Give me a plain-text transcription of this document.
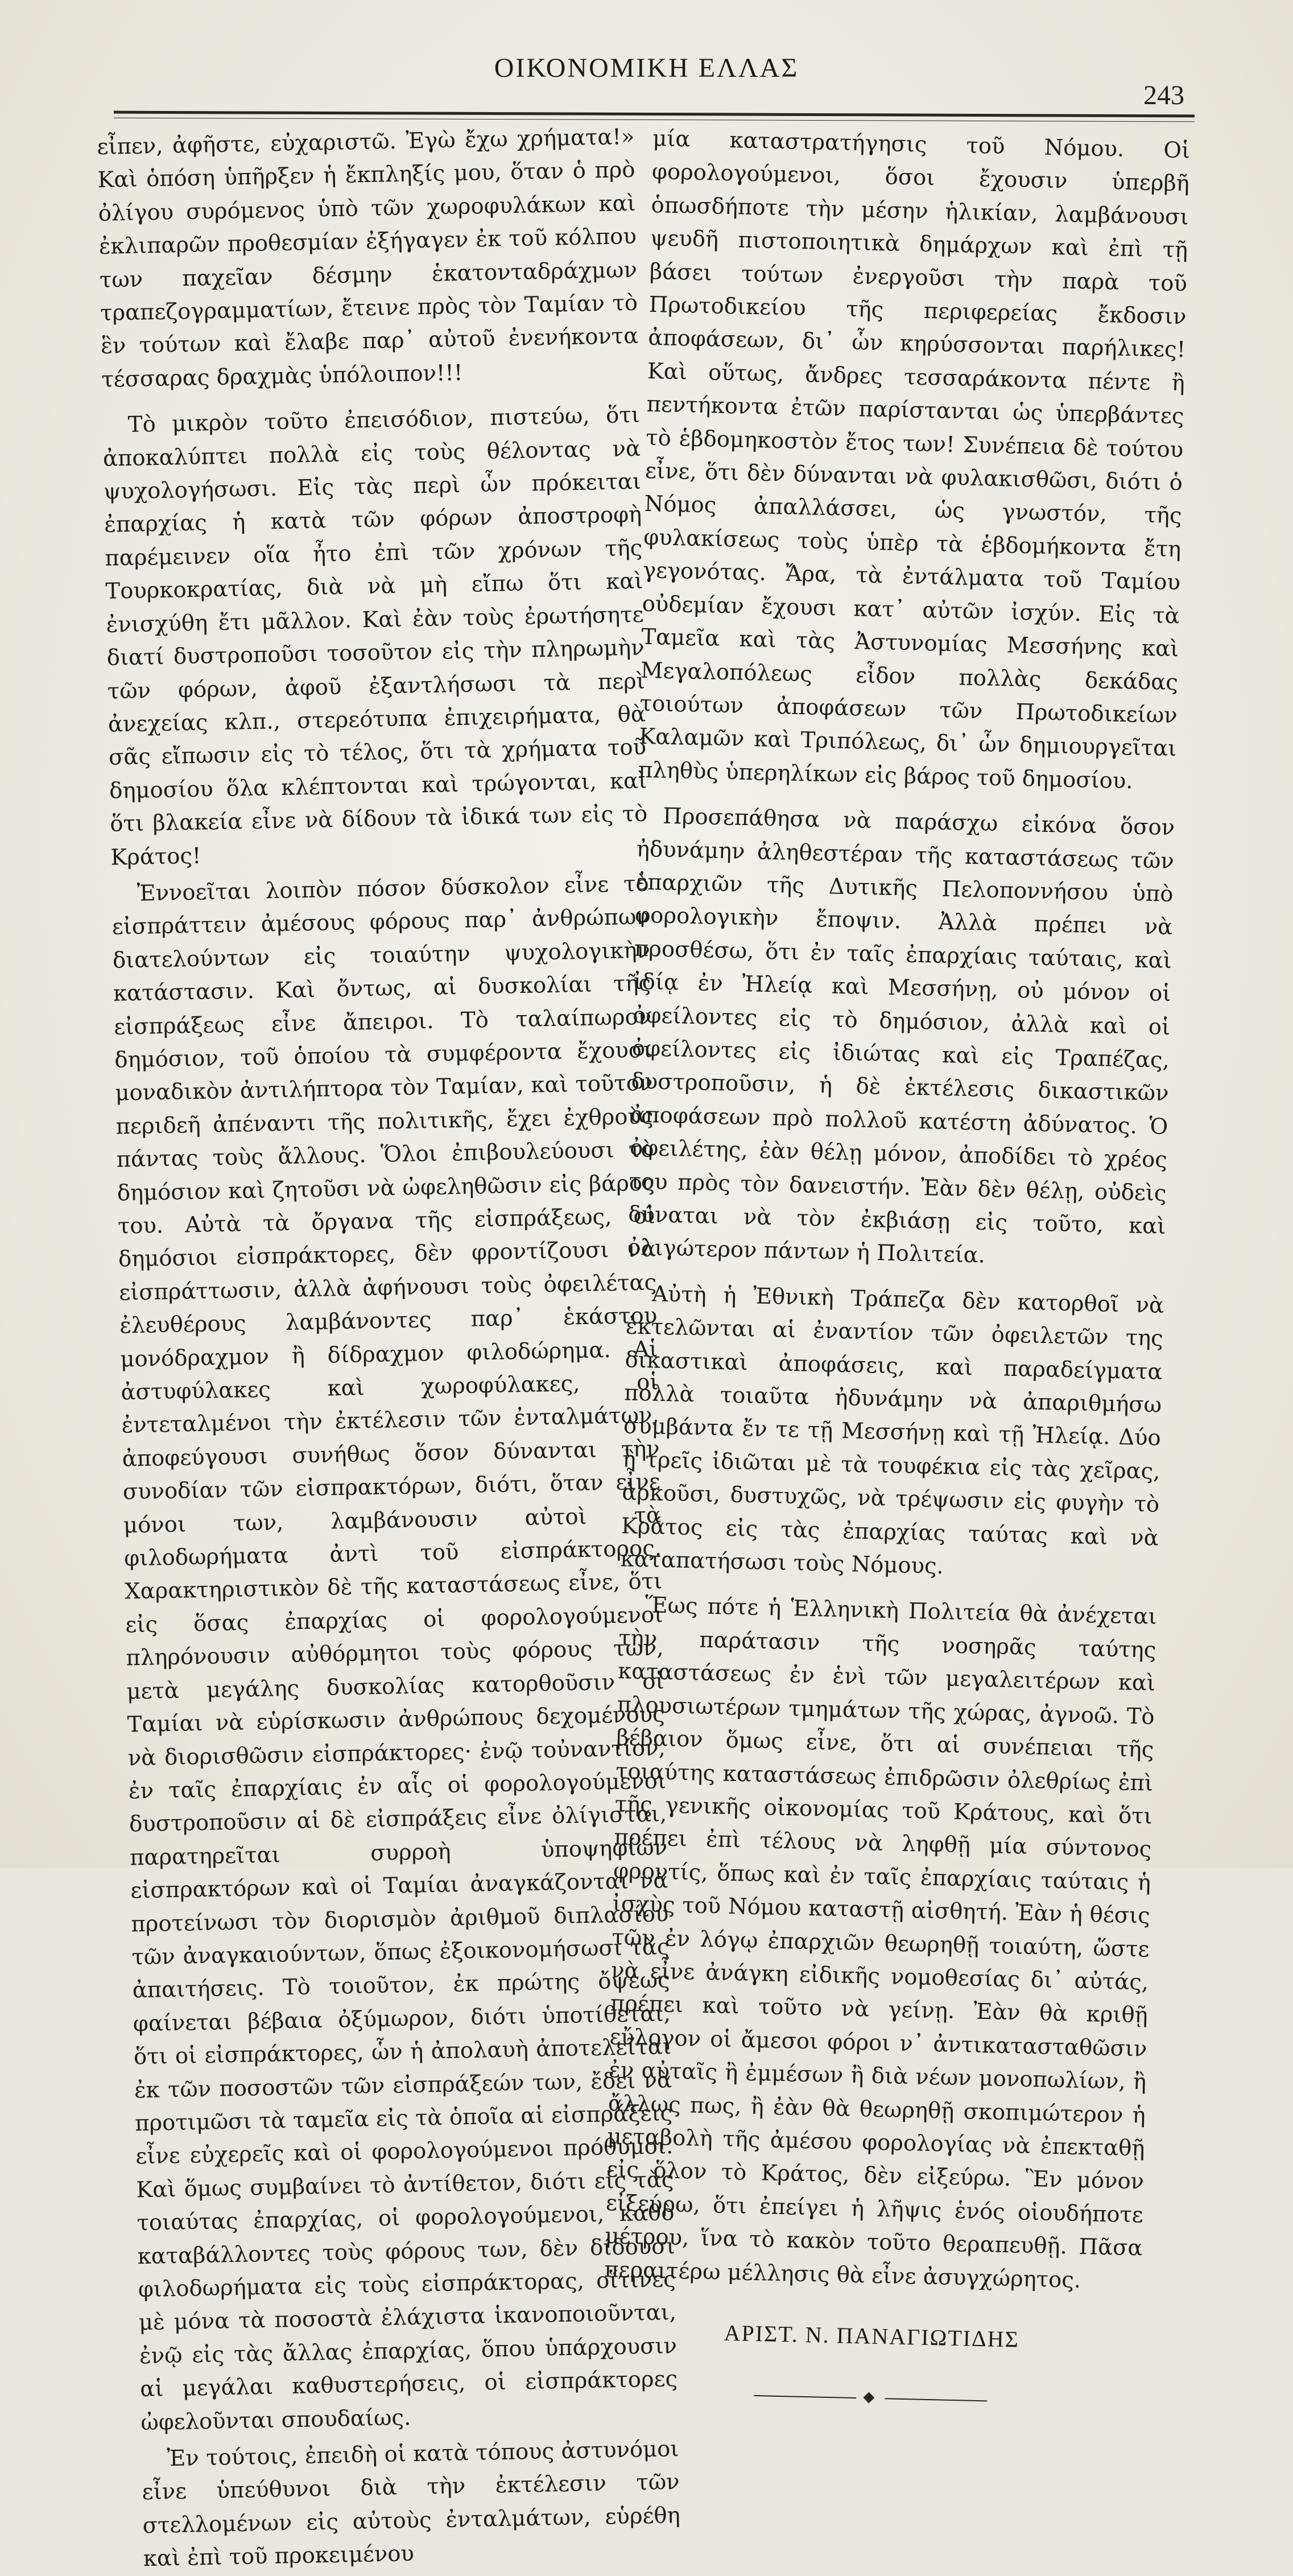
ΟΙΚΟΝΟΜΙΚΗ ΕΛΛΑΣ
243

εἶπεν, ἀφῆστε, εὐχαριστῶ. Ἐγὼ ἔχω χρήματα!» Καὶ ὁπόση ὑπῆρξεν ἡ ἔκπληξίς μου, ὅταν ὁ πρὸ ὀλίγου συρόμενος ὑπὸ τῶν χωροφυλάκων καὶ ἐκλιπαρῶν προθεσμίαν ἐξήγαγεν ἐκ τοῦ κόλπου των παχεῖαν δέσμην ἑκατονταδράχμων τραπεζογραμματίων, ἔτεινε πρὸς τὸν Ταμίαν τὸ ἓν τούτων καὶ ἔλαβε παρ᾽ αὐτοῦ ἐνενήκοντα τέσσαρας δραχμὰς ὑπόλοιπον!!!

Τὸ μικρὸν τοῦτο ἐπεισόδιον, πιστεύω, ὅτι ἀποκαλύπτει πολλὰ εἰς τοὺς θέλοντας νὰ ψυχολογήσωσι. Εἰς τὰς περὶ ὧν πρόκειται ἐπαρχίας ἡ κατὰ τῶν φόρων ἀποστροφὴ παρέμεινεν οἵα ἦτο ἐπὶ τῶν χρόνων τῆς Τουρκοκρατίας, διὰ νὰ μὴ εἴπω ὅτι καὶ ἐνισχύθη ἔτι μᾶλλον. Καὶ ἐὰν τοὺς ἐρωτήσητε διατί δυστροποῦσι τοσοῦτον εἰς τὴν πληρωμὴν τῶν φόρων, ἀφοῦ ἐξαντλήσωσι τὰ περὶ ἀνεχείας κλπ., στερεότυπα ἐπιχειρήματα, θὰ σᾶς εἴπωσιν εἰς τὸ τέλος, ὅτι τὰ χρήματα τοῦ δημοσίου ὅλα κλέπτονται καὶ τρώγονται, καὶ ὅτι βλακεία εἶνε νὰ δίδουν τὰ ἰδικά των εἰς τὸ Κράτος!

Ἐννοεῖται λοιπὸν πόσον δύσκολον εἶνε τὸ εἰσπράττειν ἀμέσους φόρους παρ᾽ ἀνθρώπων διατελούντων εἰς τοιαύτην ψυχολογικὴν κατάστασιν. Καὶ ὄντως, αἱ δυσκολίαι τῆς εἰσπράξεως εἶνε ἄπειροι. Τὸ ταλαίπωρον δημόσιον, τοῦ ὁποίου τὰ συμφέροντα ἔχουσι μοναδικὸν ἀντιλήπτορα τὸν Ταμίαν, καὶ τοῦτον περιδεῆ ἀπέναντι τῆς πολιτικῆς, ἔχει ἐχθροὺς πάντας τοὺς ἄλλους. Ὅλοι ἐπιβουλεύουσι τὸ δημόσιον καὶ ζητοῦσι νὰ ὠφεληθῶσιν εἰς βάρος του. Αὐτὰ τὰ ὄργανα τῆς εἰσπράξεως, οἱ δημόσιοι εἰσπράκτορες, δὲν φροντίζουσι νὰ εἰσπράττωσιν, ἀλλὰ ἀφήνουσι τοὺς ὀφειλέτας ἐλευθέρους λαμβάνοντες παρ᾽ ἑκάστου μονόδραχμον ἢ δίδραχμον φιλοδώρημα. Αἱ ἀστυφύλακες καὶ χωροφύλακες, οἱ ἐντεταλμένοι τὴν ἐκτέλεσιν τῶν ἐνταλμάτων, ἀποφεύγουσι συνήθως ὅσον δύνανται τὴν συνοδίαν τῶν εἰσπρακτόρων, διότι, ὅταν εἶνε μόνοι των, λαμβάνουσιν αὐτοὶ τὰ φιλοδωρήματα ἀντὶ τοῦ εἰσπράκτορος. Χαρακτηριστικὸν δὲ τῆς καταστάσεως εἶνε, ὅτι εἰς ὅσας ἐπαρχίας οἱ φορολογούμενοι πληρόνουσιν αὐθόρμητοι τοὺς φόρους των, μετὰ μεγάλης δυσκολίας κατορθοῦσιν οἱ Ταμίαι νὰ εὑρίσκωσιν ἀνθρώπους δεχομένους νὰ διορισθῶσιν εἰσπράκτορες· ἐνῷ τοὐναντίον, ἐν ταῖς ἐπαρχίαις ἐν αἷς οἱ φορολογούμενοι δυστροποῦσιν αἱ δὲ εἰσπράξεις εἶνε ὀλίγισται, παρατηρεῖται συρροὴ ὑποψηφίων εἰσπρακτόρων καὶ οἱ Ταμίαι ἀναγκάζονται νὰ προτείνωσι τὸν διορισμὸν ἀριθμοῦ διπλασίου τῶν ἀναγκαιούντων, ὅπως ἐξοικονομήσωσι τὰς ἀπαιτήσεις. Τὸ τοιοῦτον, ἐκ πρώτης ὄψεως φαίνεται βέβαια ὀξύμωρον, διότι ὑποτίθεται, ὅτι οἱ εἰσπράκτορες, ὧν ἡ ἀπολαυὴ ἀποτελεῖται ἐκ τῶν ποσοστῶν τῶν εἰσπράξεών των, ἔδει νὰ προτιμῶσι τὰ ταμεῖα εἰς τὰ ὁποῖα αἱ εἰσπράξεις εἶνε εὐχερεῖς καὶ οἱ φορολογούμενοι πρόθυμοι. Καὶ ὅμως συμβαίνει τὸ ἀντίθετον, διότι εἰς τὰς τοιαύτας ἐπαρχίας, οἱ φορολογούμενοι, καθὸ καταβάλλοντες τοὺς φόρους των, δὲν δίδουσι φιλοδωρήματα εἰς τοὺς εἰσπράκτορας, οἵτινες μὲ μόνα τὰ ποσοστὰ ἐλάχιστα ἱκανοποιοῦνται, ἐνῷ εἰς τὰς ἄλλας ἐπαρχίας, ὅπου ὑπάρχουσιν αἱ μεγάλαι καθυστερήσεις, οἱ εἰσπράκτορες ὠφελοῦνται σπουδαίως.

Ἐν τούτοις, ἐπειδὴ οἱ κατὰ τόπους ἀστυνόμοι εἶνε ὑπεύθυνοι διὰ τὴν ἐκτέλεσιν τῶν στελλομένων εἰς αὐτοὺς ἐνταλμάτων, εὑρέθη καὶ ἐπὶ τοῦ προκειμένου

μία καταστρατήγησις τοῦ Νόμου. Οἱ φορολογούμενοι, ὅσοι ἔχουσιν ὑπερβῆ ὁπωσδήποτε τὴν μέσην ἡλικίαν, λαμβάνουσι ψευδῆ πιστοποιητικὰ δημάρχων καὶ ἐπὶ τῇ βάσει τούτων ἐνεργοῦσι τὴν παρὰ τοῦ Πρωτοδικείου τῆς περιφερείας ἔκδοσιν ἀποφάσεων, δι᾽ ὧν κηρύσσονται παρήλικες! Καὶ οὕτως, ἄνδρες τεσσαράκοντα πέντε ἢ πεντήκοντα ἐτῶν παρίστανται ὡς ὑπερβάντες τὸ ἑβδομηκοστὸν ἔτος των! Συνέπεια δὲ τούτου εἶνε, ὅτι δὲν δύνανται νὰ φυλακισθῶσι, διότι ὁ Νόμος ἀπαλλάσσει, ὡς γνωστόν, τῆς φυλακίσεως τοὺς ὑπὲρ τὰ ἑβδομήκοντα ἔτη γεγονότας. Ἄρα, τὰ ἐντάλματα τοῦ Ταμίου οὐδεμίαν ἔχουσι κατ᾽ αὐτῶν ἰσχύν. Εἰς τὰ Ταμεῖα καὶ τὰς Ἀστυνομίας Μεσσήνης καὶ Μεγαλοπόλεως εἶδον πολλὰς δεκάδας τοιούτων ἀποφάσεων τῶν Πρωτοδικείων Καλαμῶν καὶ Τριπόλεως, δι᾽ ὧν δημιουργεῖται πληθὺς ὑπερηλίκων εἰς βάρος τοῦ δημοσίου.

Προσεπάθησα νὰ παράσχω εἰκόνα ὅσον ἠδυνάμην ἀληθεστέραν τῆς καταστάσεως τῶν ἐπαρχιῶν τῆς Δυτικῆς Πελοποννήσου ὑπὸ φορολογικὴν ἔποψιν. Ἀλλὰ πρέπει νὰ προσθέσω, ὅτι ἐν ταῖς ἐπαρχίαις ταύταις, καὶ ἰδίᾳ ἐν Ἠλείᾳ καὶ Μεσσήνῃ, οὐ μόνον οἱ ὀφείλοντες εἰς τὸ δημόσιον, ἀλλὰ καὶ οἱ ὀφείλοντες εἰς ἰδιώτας καὶ εἰς Τραπέζας, δυστροποῦσιν, ἡ δὲ ἐκτέλεσις δικαστικῶν ἀποφάσεων πρὸ πολλοῦ κατέστη ἀδύνατος. Ὁ ὀφειλέτης, ἐὰν θέλῃ μόνον, ἀποδίδει τὸ χρέος του πρὸς τὸν δανειστήν. Ἐὰν δὲν θέλῃ, οὐδεὶς δύναται νὰ τὸν ἐκβιάσῃ εἰς τοῦτο, καὶ ὀλιγώτερον πάντων ἡ Πολιτεία.

Αὐτὴ ἡ Ἐθνικὴ Τράπεζα δὲν κατορθοῖ νὰ ἐκτελῶνται αἱ ἐναντίον τῶν ὀφειλετῶν της δικαστικαὶ ἀποφάσεις, καὶ παραδείγματα πολλὰ τοιαῦτα ἠδυνάμην νὰ ἀπαριθμήσω συμβάντα ἔν τε τῇ Μεσσήνῃ καὶ τῇ Ἠλείᾳ. Δύο ἢ τρεῖς ἰδιῶται μὲ τὰ τουφέκια εἰς τὰς χεῖρας, ἀρκοῦσι, δυστυχῶς, νὰ τρέψωσιν εἰς φυγὴν τὸ Κράτος εἰς τὰς ἐπαρχίας ταύτας καὶ νὰ καταπατήσωσι τοὺς Νόμους.

Ἕως πότε ἡ Ἑλληνικὴ Πολιτεία θὰ ἀνέχεται τὴν παράτασιν τῆς νοσηρᾶς ταύτης καταστάσεως ἐν ἑνὶ τῶν μεγαλειτέρων καὶ πλουσιωτέρων τμημάτων τῆς χώρας, ἀγνοῶ. Τὸ βέβαιον ὅμως εἶνε, ὅτι αἱ συνέπειαι τῆς τοιαύτης καταστάσεως ἐπιδρῶσιν ὀλεθρίως ἐπὶ τῆς γενικῆς οἰκονομίας τοῦ Κράτους, καὶ ὅτι πρέπει ἐπὶ τέλους νὰ ληφθῇ μία σύντονος φροντίς, ὅπως καὶ ἐν ταῖς ἐπαρχίαις ταύταις ἡ ἰσχὺς τοῦ Νόμου καταστῇ αἰσθητή. Ἐὰν ἡ θέσις τῶν ἐν λόγῳ ἐπαρχιῶν θεωρηθῇ τοιαύτη, ὥστε νὰ εἶνε ἀνάγκη εἰδικῆς νομοθεσίας δι᾽ αὐτάς, πρέπει καὶ τοῦτο νὰ γείνῃ. Ἐὰν θὰ κριθῇ εὔλογον οἱ ἄμεσοι φόροι ν᾽ ἀντικατασταθῶσιν ἐν αὐταῖς ἢ ἐμμέσων ἢ διὰ νέων μονοπωλίων, ἢ ἄλλως πως, ἢ ἐὰν θὰ θεωρηθῇ σκοπιμώτερον ἡ μεταβολὴ τῆς ἀμέσου φορολογίας νὰ ἐπεκταθῇ εἰς ὅλον τὸ Κράτος, δὲν εἰξεύρω. Ἓν μόνον εἰξεύρω, ὅτι ἐπείγει ἡ λῆψις ἑνός οἱουδήποτε μέτρου, ἵνα τὸ κακὸν τοῦτο θεραπευθῇ. Πᾶσα περαιτέρω μέλλησις θὰ εἶνε ἀσυγχώρητος.

ΑΡΙΣΤ. Ν. ΠΑΝΑΓΙΩΤΙΔΗΣ
